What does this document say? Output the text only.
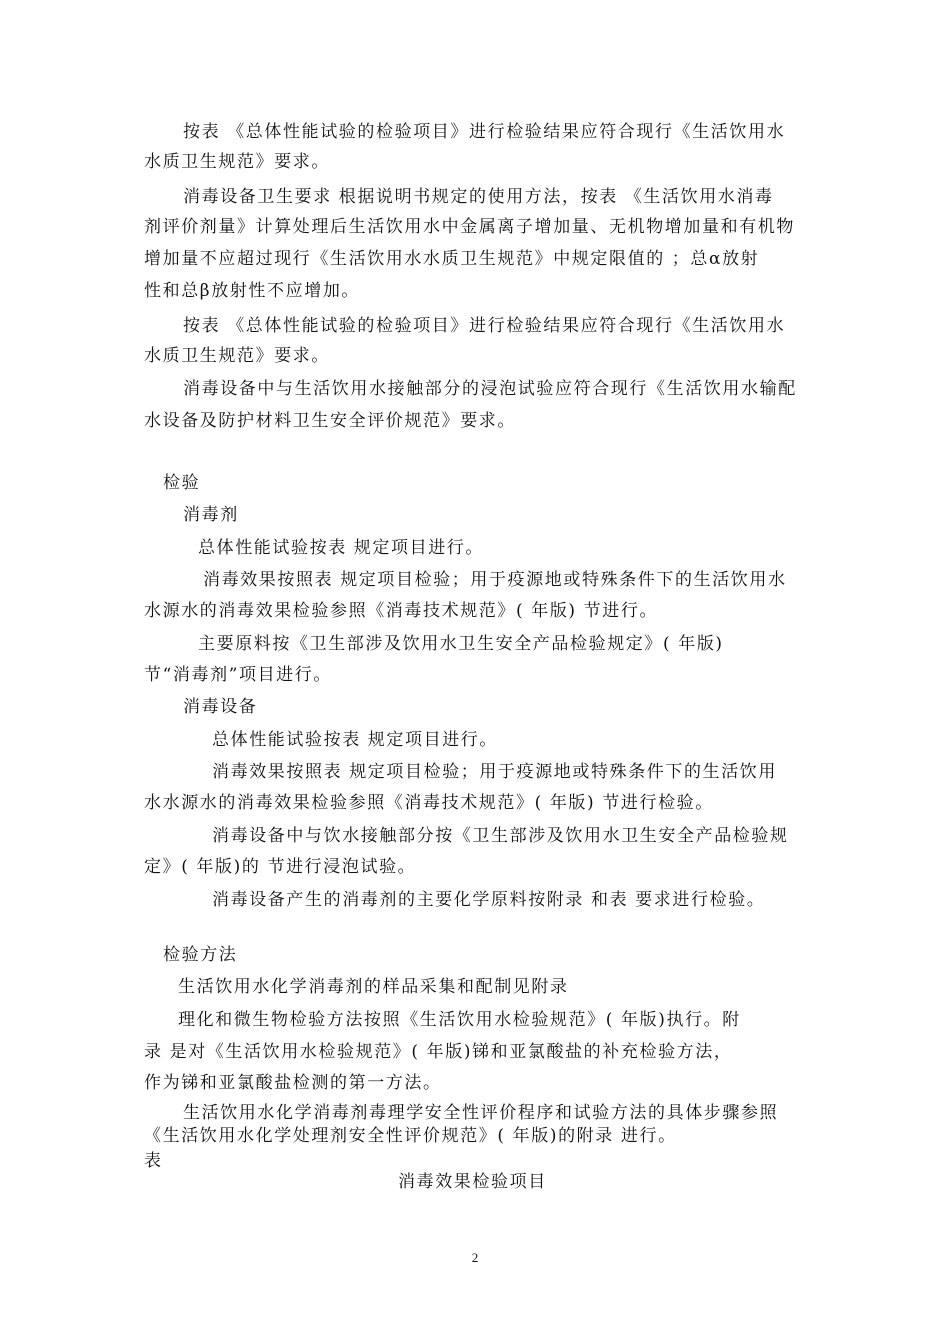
按表 《总体性能试验的检验项目》进行检验结果应符合现行《生活饮用水
水质卫生规范》要求。
消毒设备卫生要求 根据说明书规定的使用方法，按表 《生活饮用水消毒
剂评价剂量》计算处理后生活饮用水中金属离子增加量、无机物增加量和有机物
增加量不应超过现行《生活饮用水水质卫生规范》中规定限值的 ；总α放射
性和总β放射性不应增加。
按表 《总体性能试验的检验项目》进行检验结果应符合现行《生活饮用水
水质卫生规范》要求。
消毒设备中与生活饮用水接触部分的浸泡试验应符合现行《生活饮用水输配
水设备及防护材料卫生安全评价规范》要求。
检验
消毒剂
总体性能试验按表 规定项目进行。
消毒效果按照表 规定项目检验；用于疫源地或特殊条件下的生活饮用水
水源水的消毒效果检验参照《消毒技术规范》( 年版) 节进行。
主要原料按《卫生部涉及饮用水卫生安全产品检验规定》( 年版)
节“消毒剂”项目进行。
消毒设备
总体性能试验按表 规定项目进行。
消毒效果按照表 规定项目检验；用于疫源地或特殊条件下的生活饮用
水水源水的消毒效果检验参照《消毒技术规范》( 年版) 节进行检验。
消毒设备中与饮水接触部分按《卫生部涉及饮用水卫生安全产品检验规
定》( 年版)的 节进行浸泡试验。
消毒设备产生的消毒剂的主要化学原料按附录 和表 要求进行检验。
检验方法
生活饮用水化学消毒剂的样品采集和配制见附录
理化和微生物检验方法按照《生活饮用水检验规范》( 年版)执行。附
录 是对《生活饮用水检验规范》( 年版)锑和亚氯酸盐的补充检验方法，
作为锑和亚氯酸盐检测的第一方法。
生活饮用水化学消毒剂毒理学安全性评价程序和试验方法的具体步骤参照
《生活饮用水化学处理剂安全性评价规范》( 年版)的附录 进行。
表
消毒效果检验项目
2
